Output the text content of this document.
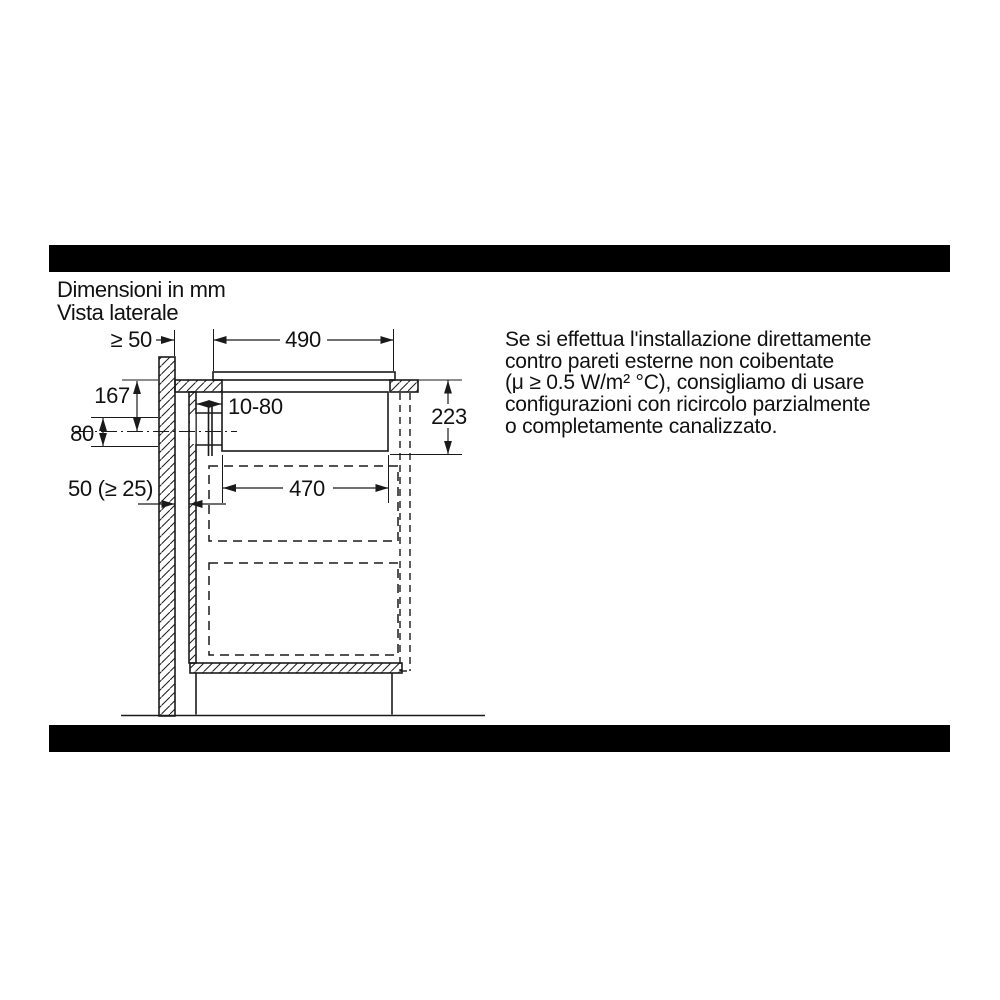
Dimensioni in mm
Vista laterale
Se si effettua l'installazione direttamente
contro pareti esterne non coibentate
(μ ≥ 0.5 W/m² °C), consigliamo di usare
configurazioni con ricircolo parzialmente
o completamente canalizzato.
≥ 50	490
167
80
10-80	223
470
50 (≥ 25)
